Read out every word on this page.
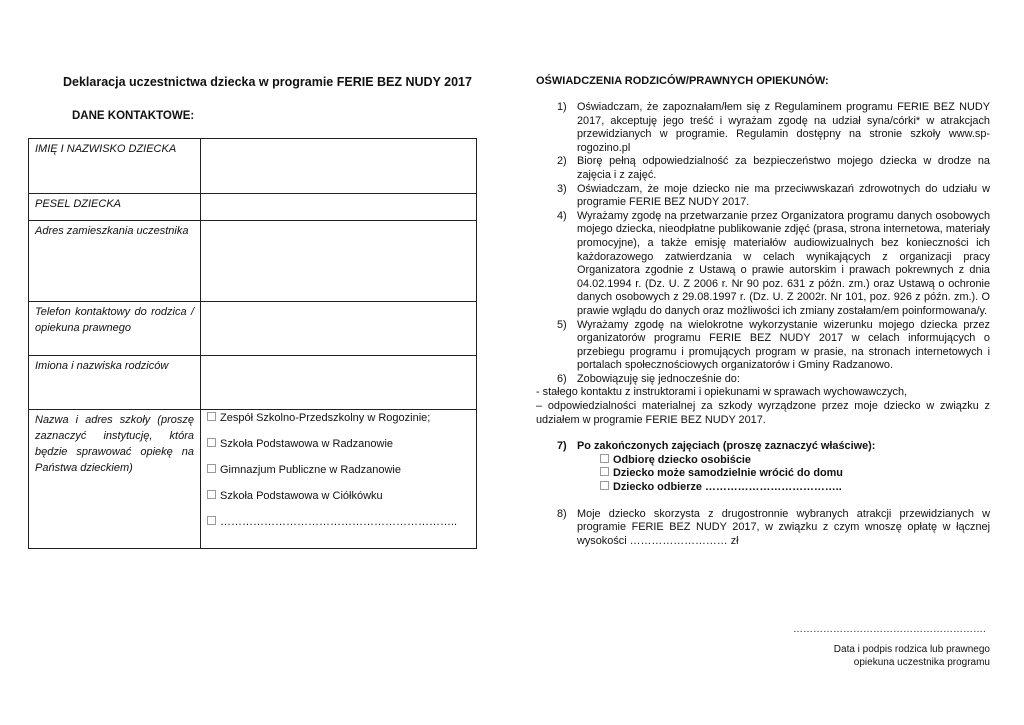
Deklaracja uczestnictwa dziecka w programie FERIE BEZ NUDY 2017
DANE KONTAKTOWE:
IMIĘ I NAZWISKO DZIECKA	
PESEL DZIECKA	
Adres zamieszkania uczestnika	
Telefon kontaktowy do rodzica / opiekuna prawnego	
Imiona i nazwiska rodziców	
Nazwa i adres szkoły (proszę zaznaczyć instytucję, która będzie sprawować opiekę na Państwa dzieckiem)	Zespół Szkolno-Przedszkolny w Rogozinie;
Szkoła Podstawowa w Radzanowie
Gimnazjum Publiczne w Radzanowie
Szkoła Podstawowa w Ciółkówku
………………………………………………………..
OŚWIADCZENIA RODZICÓW/PRAWNYCH OPIEKUNÓW:
1) Oświadczam, że zapoznałam/łem się z Regulaminem programu FERIE BEZ NUDY 2017, akceptuję jego treść i wyrażam zgodę na udział syna/córki* w atrakcjach przewidzianych w programie. Regulamin dostępny na stronie szkoły www.sp-rogozino.pl
2) Biorę pełną odpowiedzialność za bezpieczeństwo mojego dziecka w drodze na zajęcia i z zajęć.
3) Oświadczam, że moje dziecko nie ma przeciwwskazań zdrowotnych do udziału w programie FERIE BEZ NUDY 2017.
4) Wyrażamy zgodę na przetwarzanie przez Organizatora programu danych osobowych mojego dziecka, nieodpłatne publikowanie zdjęć (prasa, strona internetowa, materiały promocyjne), a także emisję materiałów audiowizualnych bez konieczności ich każdorazowego zatwierdzania w celach wynikających z organizacji pracy Organizatora zgodnie z Ustawą o prawie autorskim i prawach pokrewnych z dnia 04.02.1994 r. (Dz. U. Z 2006 r. Nr 90 poz. 631 z późn. zm.) oraz Ustawą o ochronie danych osobowych z 29.08.1997 r. (Dz. U. Z 2002r. Nr 101, poz. 926 z późn. zm.). O prawie wglądu do danych oraz możliwości ich zmiany zostałam/em poinformowana/y.
5) Wyrażamy zgodę na wielokrotne wykorzystanie wizerunku mojego dziecka przez organizatorów programu FERIE BEZ NUDY 2017 w celach informujących o przebiegu programu i promujących program w prasie, na stronach internetowych i portalach społecznościowych organizatorów i Gminy Radzanowo.
6) Zobowiązuję się jednocześnie do:
- stałego kontaktu z instruktorami i opiekunami w sprawach wychowawczych,
– odpowiedzialności materialnej za szkody wyrządzone przez moje dziecko w związku z udziałem w programie FERIE BEZ NUDY 2017.
7) Po zakończonych zajęciach (proszę zaznaczyć właściwe):
Odbiorę dziecko osobiście
Dziecko może samodzielnie wrócić do domu
Dziecko odbierze ………………………………..
8) Moje dziecko skorzysta z drugostronnie wybranych atrakcji przewidzianych w programie FERIE BEZ NUDY 2017, w związku z czym wnoszę opłatę w łącznej wysokości ……………………… zł
………………………………………………….
Data i podpis rodzica lub prawnego
opiekuna uczestnika programu
